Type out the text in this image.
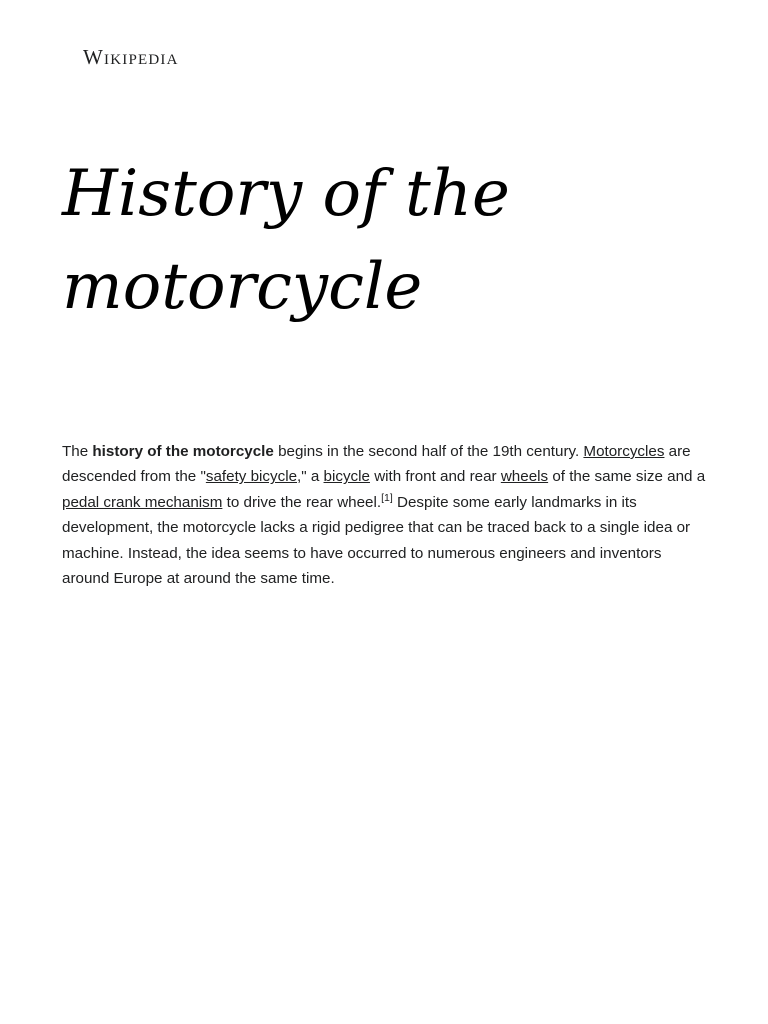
Wikipedia
History of the
motorcycle

The history of the motorcycle begins in the second half of the 19th century. Motorcycles are descended from the "safety bicycle," a bicycle with front and rear wheels of the same size and a pedal crank mechanism to drive the rear wheel.[1] Despite some early landmarks in its development, the motorcycle lacks a rigid pedigree that can be traced back to a single idea or machine. Instead, the idea seems to have occurred to numerous engineers and inventors around Europe at around the same time.
